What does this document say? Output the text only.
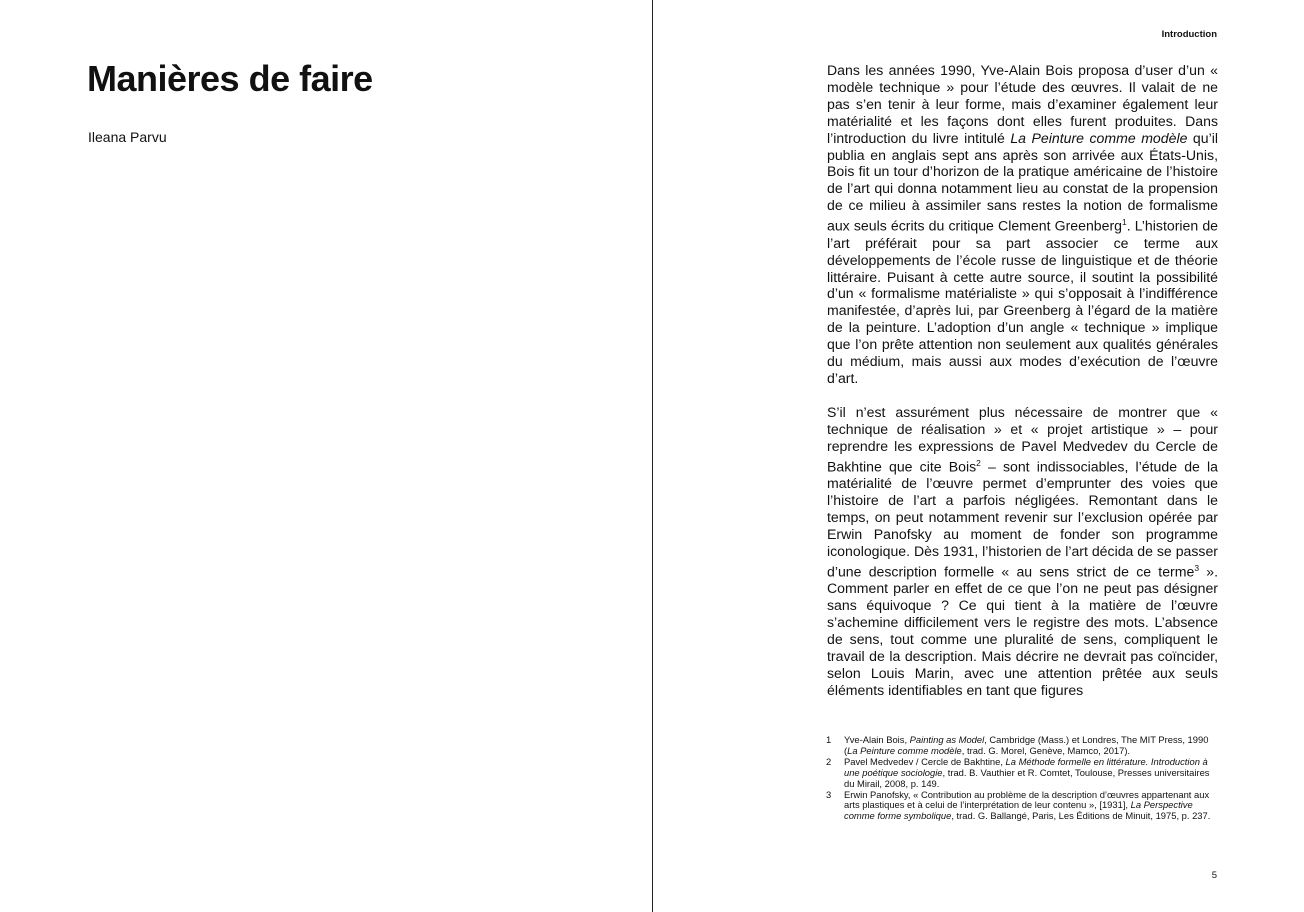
Manières de faire
Ileana Parvu
Introduction

Dans les années 1990, Yve-Alain Bois proposa d’user d’un « modèle technique » pour l’étude des œuvres. Il valait de ne pas s’en tenir à leur forme, mais d’examiner également leur matérialité et les façons dont elles furent produites. Dans l’introduction du livre intitulé La Peinture comme modèle qu’il publia en anglais sept ans après son arrivée aux États-Unis, Bois fit un tour d’horizon de la pratique américaine de l’histoire de l’art qui donna notamment lieu au constat de la propension de ce milieu à assimiler sans restes la notion de formalisme aux seuls écrits du critique Clement Greenberg$^1$. L’historien de l’art préférait pour sa part associer ce terme aux développements de l’école russe de linguistique et de théorie littéraire. Puisant à cette autre source, il soutint la possibilité d’un « formalisme matérialiste » qui s’opposait à l’indifférence manifestée, d’après lui, par Greenberg à l’égard de la matière de la peinture. L’adoption d’un angle « technique » implique que l’on prête attention non seulement aux qualités générales du médium, mais aussi aux modes d’exécution de l’œuvre d’art.

S’il n’est assurément plus nécessaire de montrer que « technique de réalisation » et « projet artistique » – pour reprendre les expressions de Pavel Medvedev du Cercle de Bakhtine que cite Bois$^2$ – sont indissociables, l’étude de la matérialité de l’œuvre permet d’emprunter des voies que l’histoire de l’art a parfois négligées. Remontant dans le temps, on peut notamment revenir sur l’exclusion opérée par Erwin Panofsky au moment de fonder son programme iconologique. Dès 1931, l’historien de l’art décida de se passer d’une description formelle « au sens strict de ce terme$^3$ ». Comment parler en effet de ce que l’on ne peut pas désigner sans équivoque ? Ce qui tient à la matière de l’œuvre s’achemine difficilement vers le registre des mots. L’absence de sens, tout comme une pluralité de sens, compliquent le travail de la description. Mais décrire ne devrait pas coïncider, selon Louis Marin, avec une attention prêtée aux seuls éléments identifiables en tant que figures

1	Yve-Alain Bois, Painting as Model, Cambridge (Mass.) et Londres, The MIT Press, 1990 (La Peinture comme modèle, trad. G. Morel, Genève, Mamco, 2017).
2	Pavel Medvedev / Cercle de Bakhtine, La Méthode formelle en littérature. Introduction à une poétique sociologie, trad. B. Vauthier et R. Comtet, Toulouse, Presses universitaires du Mirail, 2008, p. 149.
3	Erwin Panofsky, « Contribution au problème de la description d’œuvres appartenant aux arts plastiques et à celui de l’interprétation de leur contenu », [1931], La Perspective comme forme symbolique, trad. G. Ballangé, Paris, Les Éditions de Minuit, 1975, p. 237.
5
